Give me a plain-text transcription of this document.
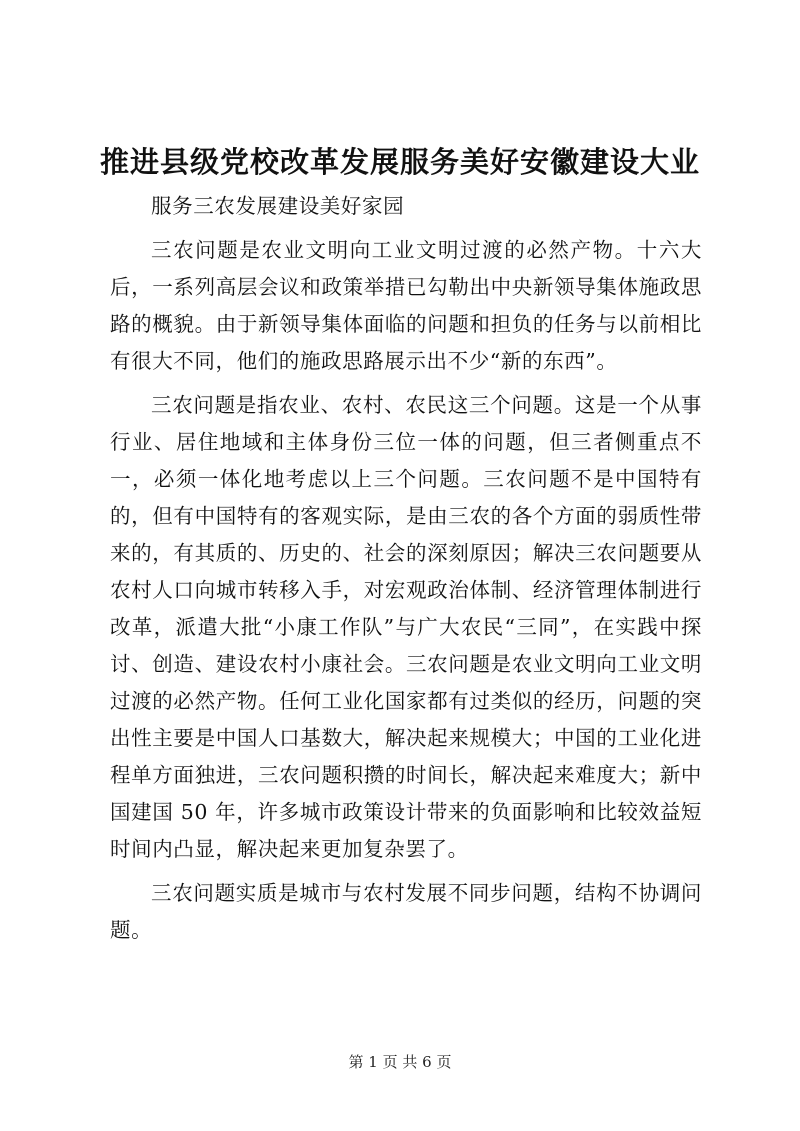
推进县级党校改革发展服务美好安徽建设大业

服务三农发展建设美好家园

三农问题是农业文明向工业文明过渡的必然产物。十六大后，一系列高层会议和政策举措已勾勒出中央新领导集体施政思路的概貌。由于新领导集体面临的问题和担负的任务与以前相比有很大不同，他们的施政思路展示出不少“新的东西”。

三农问题是指农业、农村、农民这三个问题。这是一个从事行业、居住地域和主体身份三位一体的问题，但三者侧重点不一，必须一体化地考虑以上三个问题。三农问题不是中国特有的，但有中国特有的客观实际，是由三农的各个方面的弱质性带来的，有其质的、历史的、社会的深刻原因；解决三农问题要从农村人口向城市转移入手，对宏观政治体制、经济管理体制进行改革，派遣大批“小康工作队”与广大农民“三同”，在实践中探讨、创造、建设农村小康社会。三农问题是农业文明向工业文明过渡的必然产物。任何工业化国家都有过类似的经历，问题的突出性主要是中国人口基数大，解决起来规模大；中国的工业化进程单方面独进，三农问题积攒的时间长，解决起来难度大；新中国建国 50 年，许多城市政策设计带来的负面影响和比较效益短时间内凸显，解决起来更加复杂罢了。

三农问题实质是城市与农村发展不同步问题，结构不协调问题。

第 1 页 共 6 页
